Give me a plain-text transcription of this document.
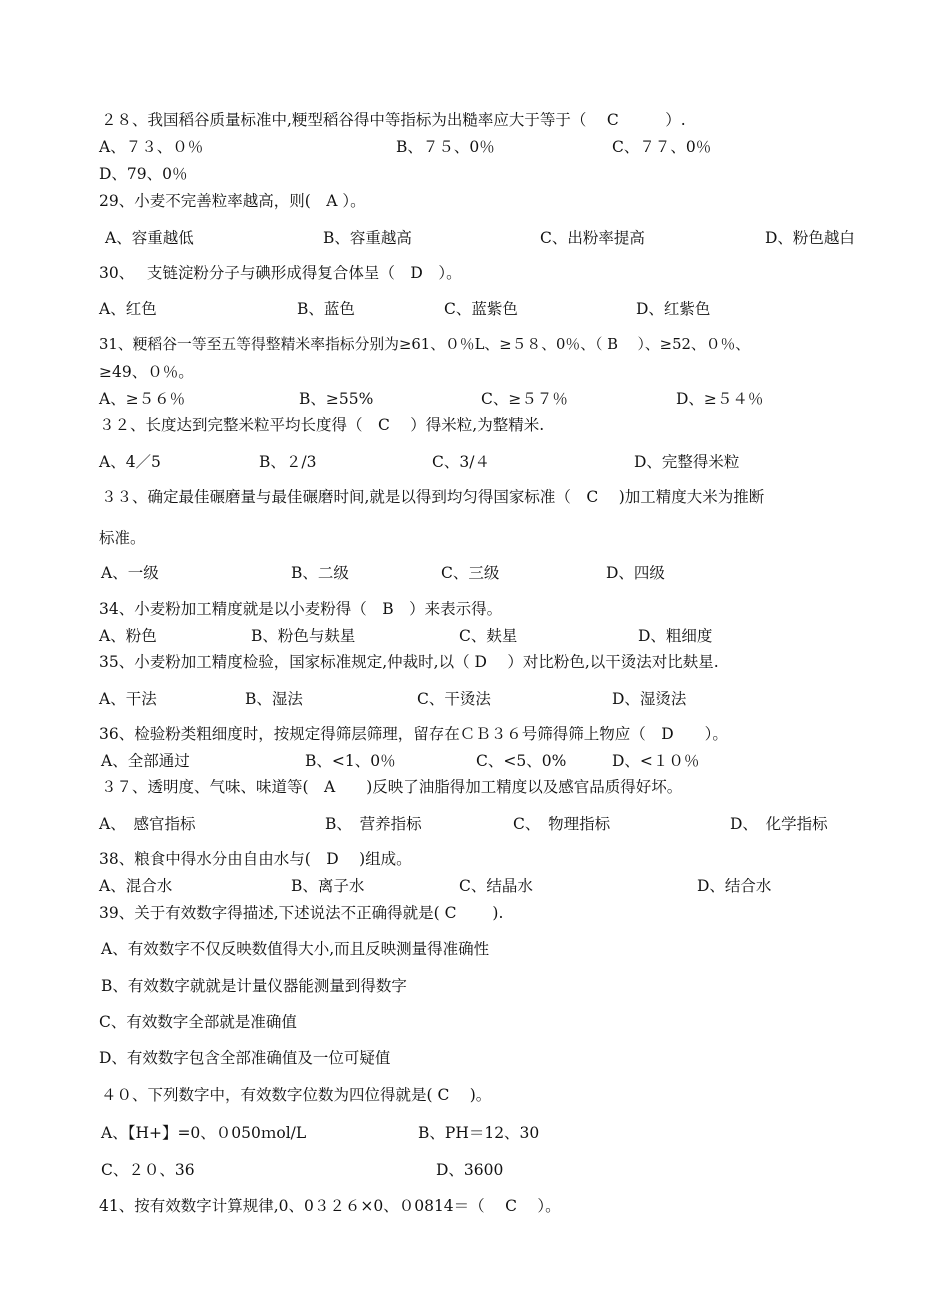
２８、我国稻谷质量标准中,粳型稻谷得中等指标为出糙率应大于等于（　 C　　　）.
A、７３、０％	B、７５、0％	C、７７、0％
D、79、0％
29、小麦不完善粒率越高，则(　A ）。
A、容重越低	B、容重越高	C、出粉率提高	D、粉色越白
30、　 支链淀粉分子与碘形成得复合体呈（　D　）。
A、红色	B、蓝色	C、蓝紫色	D、红紫色
31、粳稻谷一等至五等得整精米率指标分别为≥61、０％L、≥５８、0％、（ B　 ）、≥52、０％、
≥49、０％。
A、≥５６％	B、≥55%	C、≥５７％	D、≥５４％
３２、长度达到完整米粒平均长度得（　C　 ）得米粒,为整精米.
A、4／5	B、２/3	C、3/４	D、完整得米粒
３３、确定最佳碾磨量与最佳碾磨时间,就是以得到均匀得国家标准（　C　 )加工精度大米为推断
标准。
A、一级	B、二级	C、三级	D、四级
34、小麦粉加工精度就是以小麦粉得（　B　）来表示得。
A、粉色	B、粉色与麸星	C、麸星	D、粗细度
35、小麦粉加工精度检验，国家标准规定,仲裁时,以（ D　 ）对比粉色,以干烫法对比麸星.
A、干法	B、湿法	C、干烫法	D、湿烫法
36、检验粉类粗细度时，按规定得筛层筛理，留存在ＣＢ３６号筛得筛上物应（　D　　）。
A、全部通过	B、<1、0％	C、<5、0%	D、<１０％
３７、透明度、气味、味道等(　A　　)反映了油脂得加工精度以及感官品质得好坏。
A、　感官指标	B、　营养指标	C、　物理指标	D、　化学指标
38、粮食中得水分由自由水与(　D　 )组成。
A、混合水	B、离子水	C、结晶水	D、结合水
39、关于有效数字得描述,下述说法不正确得就是( C　　 ).
A、有效数字不仅反映数值得大小,而且反映测量得准确性
B、有效数字就就是计量仪器能测量到得数字
C、有效数字全部就是准确值
D、有效数字包含全部准确值及一位可疑值
４０、下列数字中，有效数字位数为四位得就是( C　 )。
A、【H+】=0、０050ｍol/L	B、PH＝12、30
C、２０、36	D、3600
41、按有效数字计算规律,0、0３２６×0、０0814＝（　 C　 ）。
